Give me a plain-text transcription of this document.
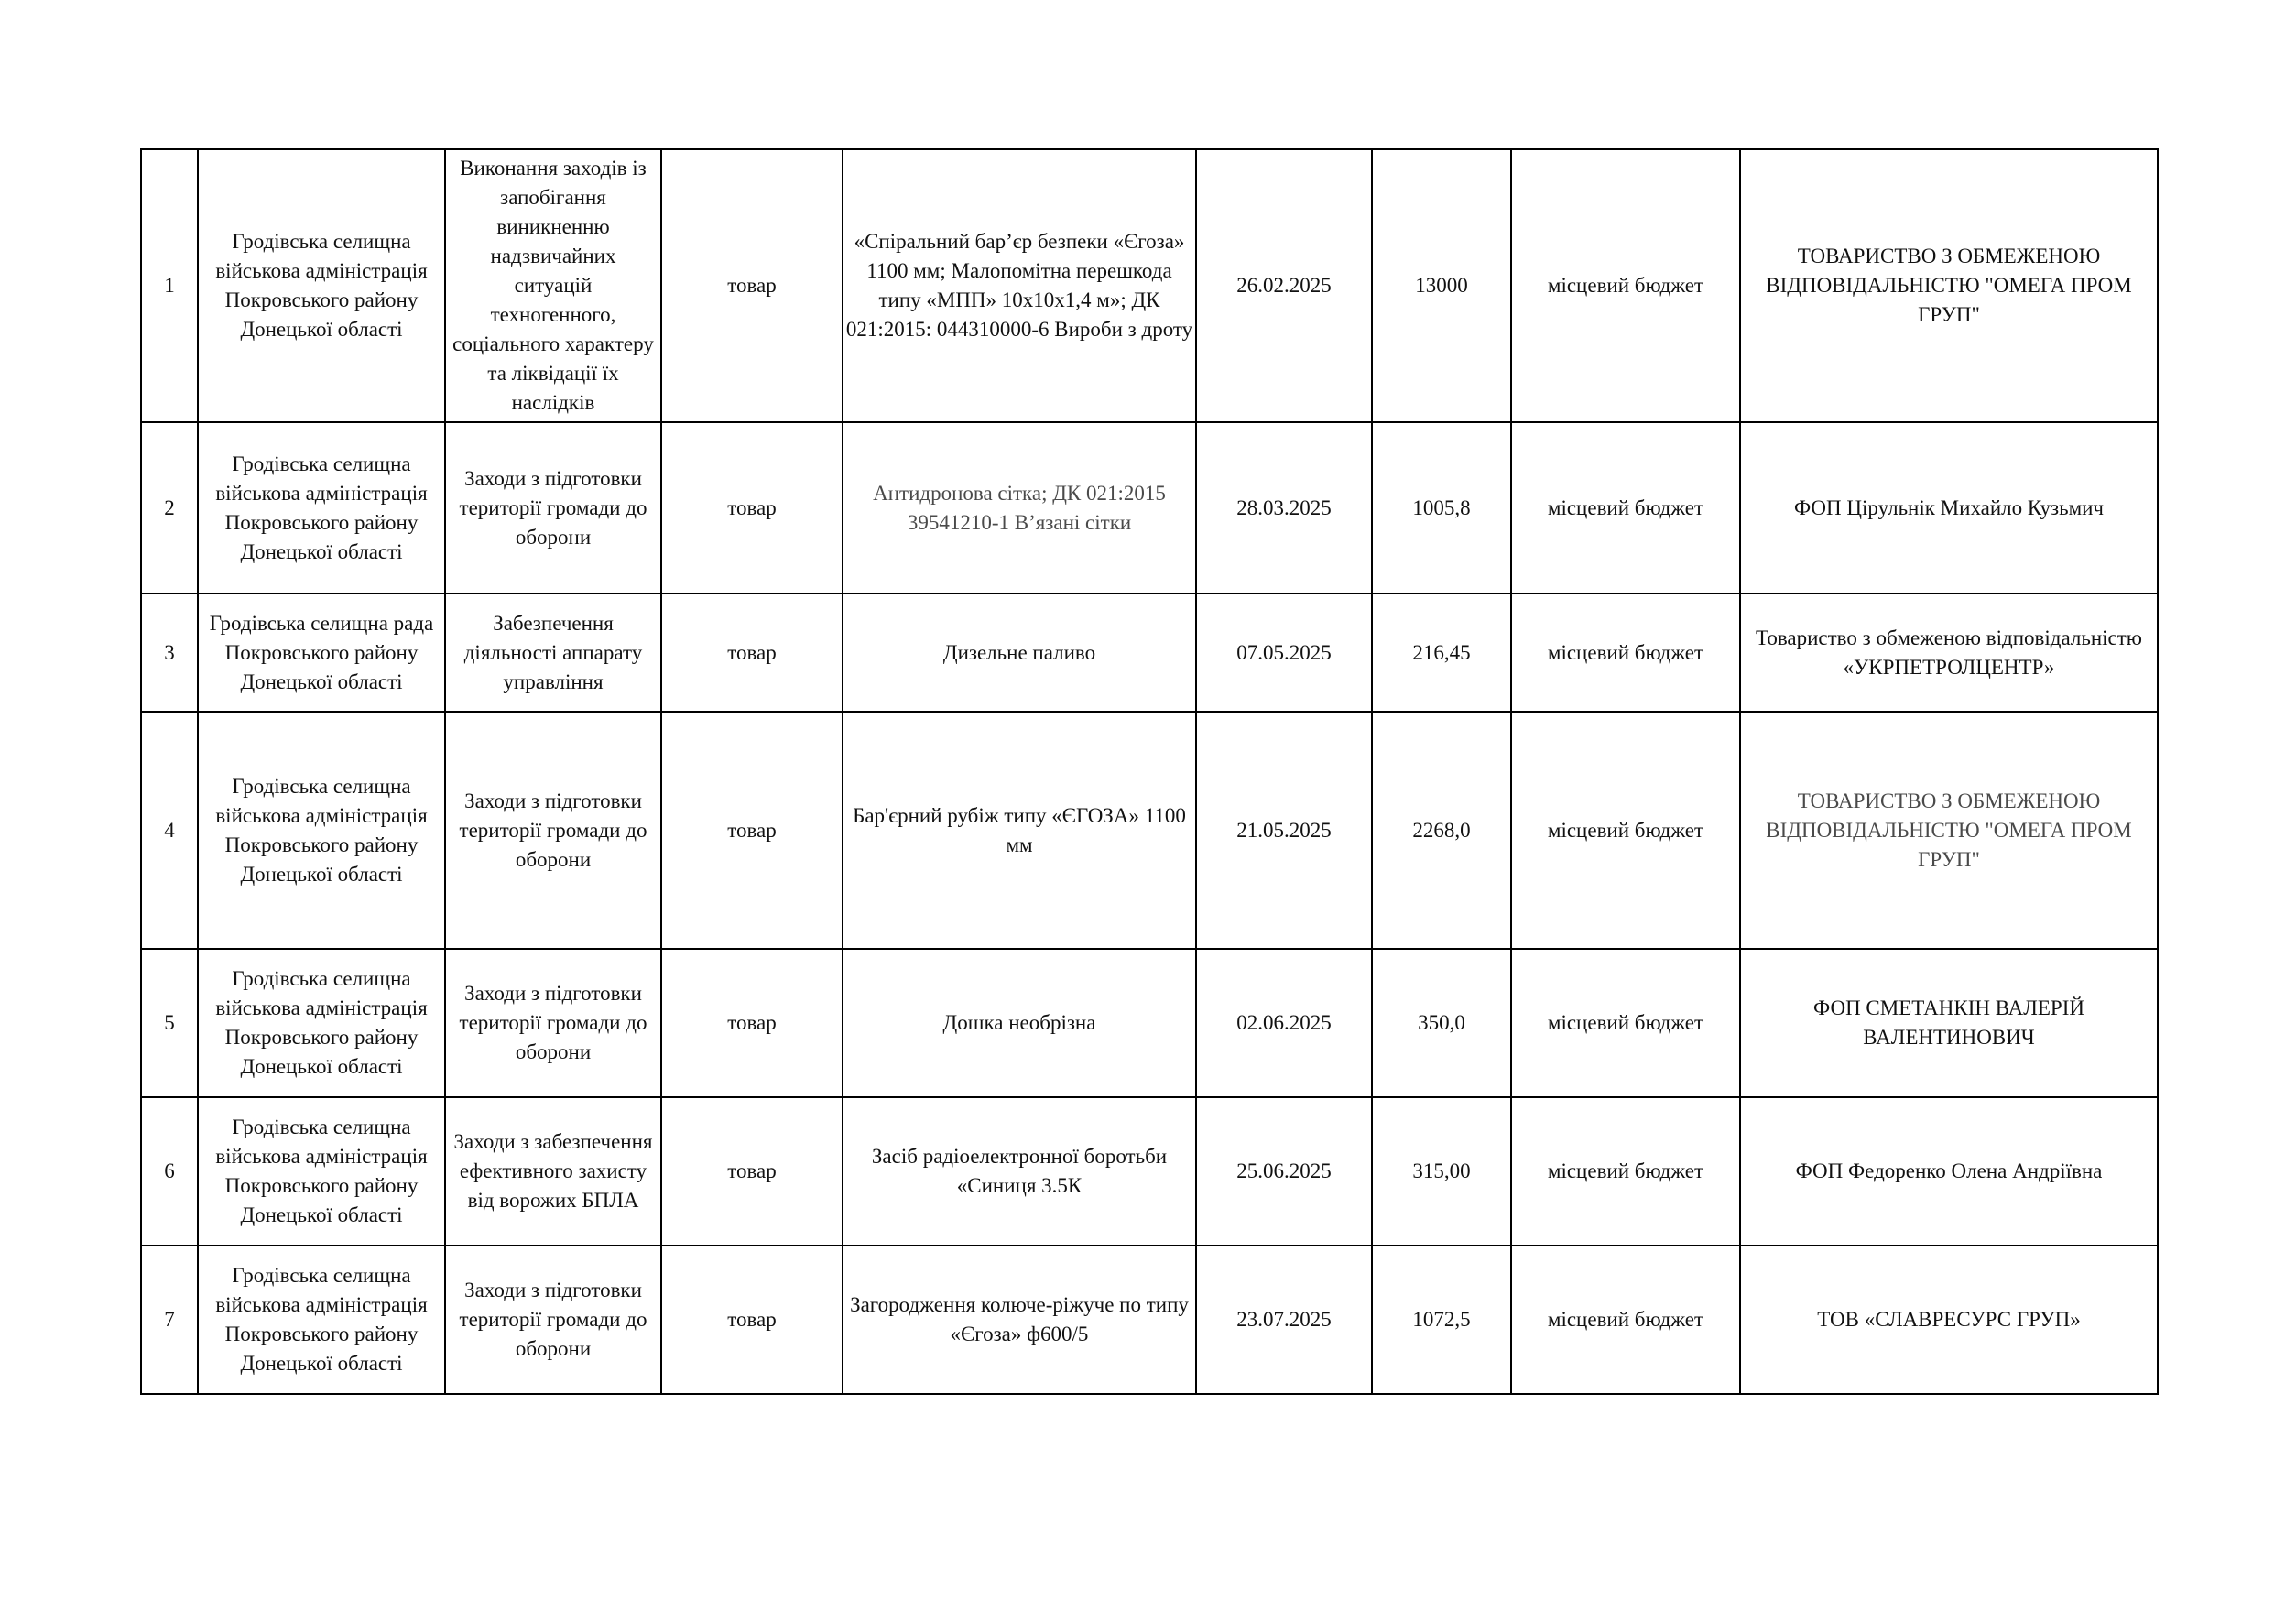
1	Гродівська селищна військова адміністрація Покровського району Донецької області	Виконання заходів із запобігання виникненню надзвичайних ситуацій техногенного, соціального характеру та ліквідації їх наслідків	товар	«Спіральний бар’єр безпеки «Єгоза» 1100 мм; Малопомітна перешкода типу «МПП» 10х10х1,4 м»; ДК 021:2015: 044310000-6 Вироби з дроту	26.02.2025	13000	місцевий бюджет	ТОВАРИСТВО З ОБМЕЖЕНОЮ ВІДПОВІДАЛЬНІСТЮ "ОМЕГА ПРОМ ГРУП"
2	Гродівська селищна військова адміністрація Покровського району Донецької області	Заходи з підготовки території громади до оборони	товар	Антидронова сітка; ДК 021:2015 39541210-1 В’язані сітки	28.03.2025	1005,8	місцевий бюджет	ФОП Цірульнік Михайло Кузьмич
3	Гродівська селищна рада Покровського району Донецької області	Забезпечення діяльності аппарату управління	товар	Дизельне паливо	07.05.2025	216,45	місцевий бюджет	Товариство з обмеженою відповідальністю «УКРПЕТРОЛЦЕНТР»
4	Гродівська селищна військова адміністрація Покровського району Донецької області	Заходи з підготовки території громади до оборони	товар	Бар'єрний рубіж типу «ЄГОЗА» 1100 мм	21.05.2025	2268,0	місцевий бюджет	ТОВАРИСТВО З ОБМЕЖЕНОЮ ВІДПОВІДАЛЬНІСТЮ "ОМЕГА ПРОМ ГРУП"
5	Гродівська селищна військова адміністрація Покровського району Донецької області	Заходи з підготовки території громади до оборони	товар	Дошка необрізна	02.06.2025	350,0	місцевий бюджет	ФОП СМЕТАНКІН ВАЛЕРІЙ ВАЛЕНТИНОВИЧ
6	Гродівська селищна військова адміністрація Покровського району Донецької області	Заходи з забезпечення ефективного захисту від ворожих БПЛА	товар	Засіб радіоелектронної боротьби «Синиця 3.5К	25.06.2025	315,00	місцевий бюджет	ФОП Федоренко Олена Андріївна
7	Гродівська селищна військова адміністрація Покровського району Донецької області	Заходи з підготовки території громади до оборони	товар	Загородження колюче-ріжуче по типу «Єгоза» ф600/5	23.07.2025	1072,5	місцевий бюджет	ТОВ «СЛАВРЕСУРС ГРУП»
